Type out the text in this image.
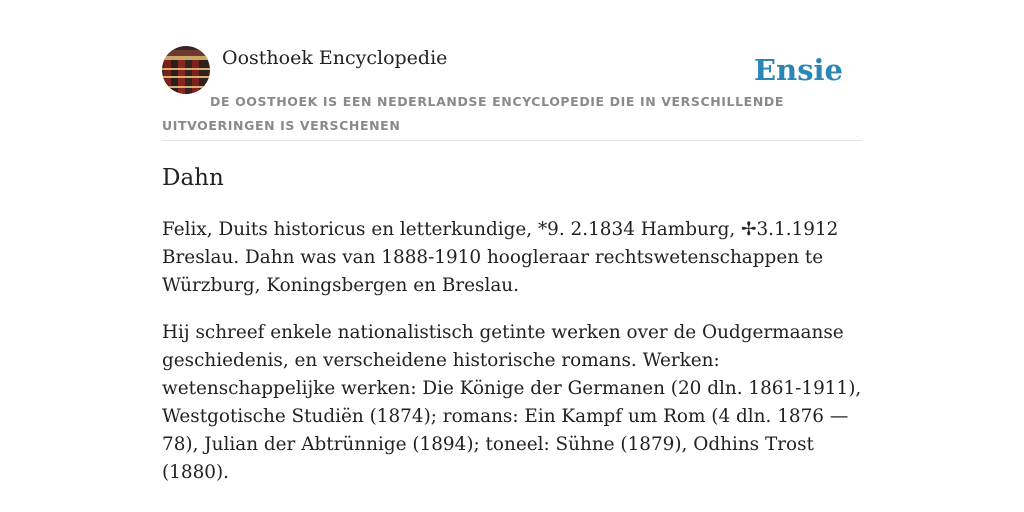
Oosthoek Encyclopedie	Ensie
DE OOSTHOEK IS EEN NEDERLANDSE ENCYCLOPEDIE DIE IN VERSCHILLENDE UITVOERINGEN IS VERSCHENEN
Dahn

Felix, Duits historicus en letterkundige, *9. 2.1834 Hamburg, ✢3.1.1912 Breslau. Dahn was van 1888-1910 hoogleraar rechtswetenschappen te Würzburg, Koningsbergen en Breslau.

Hij schreef enkele nationalistisch getinte werken over de Oudgermaanse geschiedenis, en verscheidene historische romans. Werken: wetenschappelijke werken: Die Könige der Germanen (20 dln. 1861-1911), Westgotische Studiën (1874); romans: Ein Kampf um Rom (4 dln. 1876 —78), Julian der Abtrünnige (1894); toneel: Sühne (1879), Odhins Trost (1880).
